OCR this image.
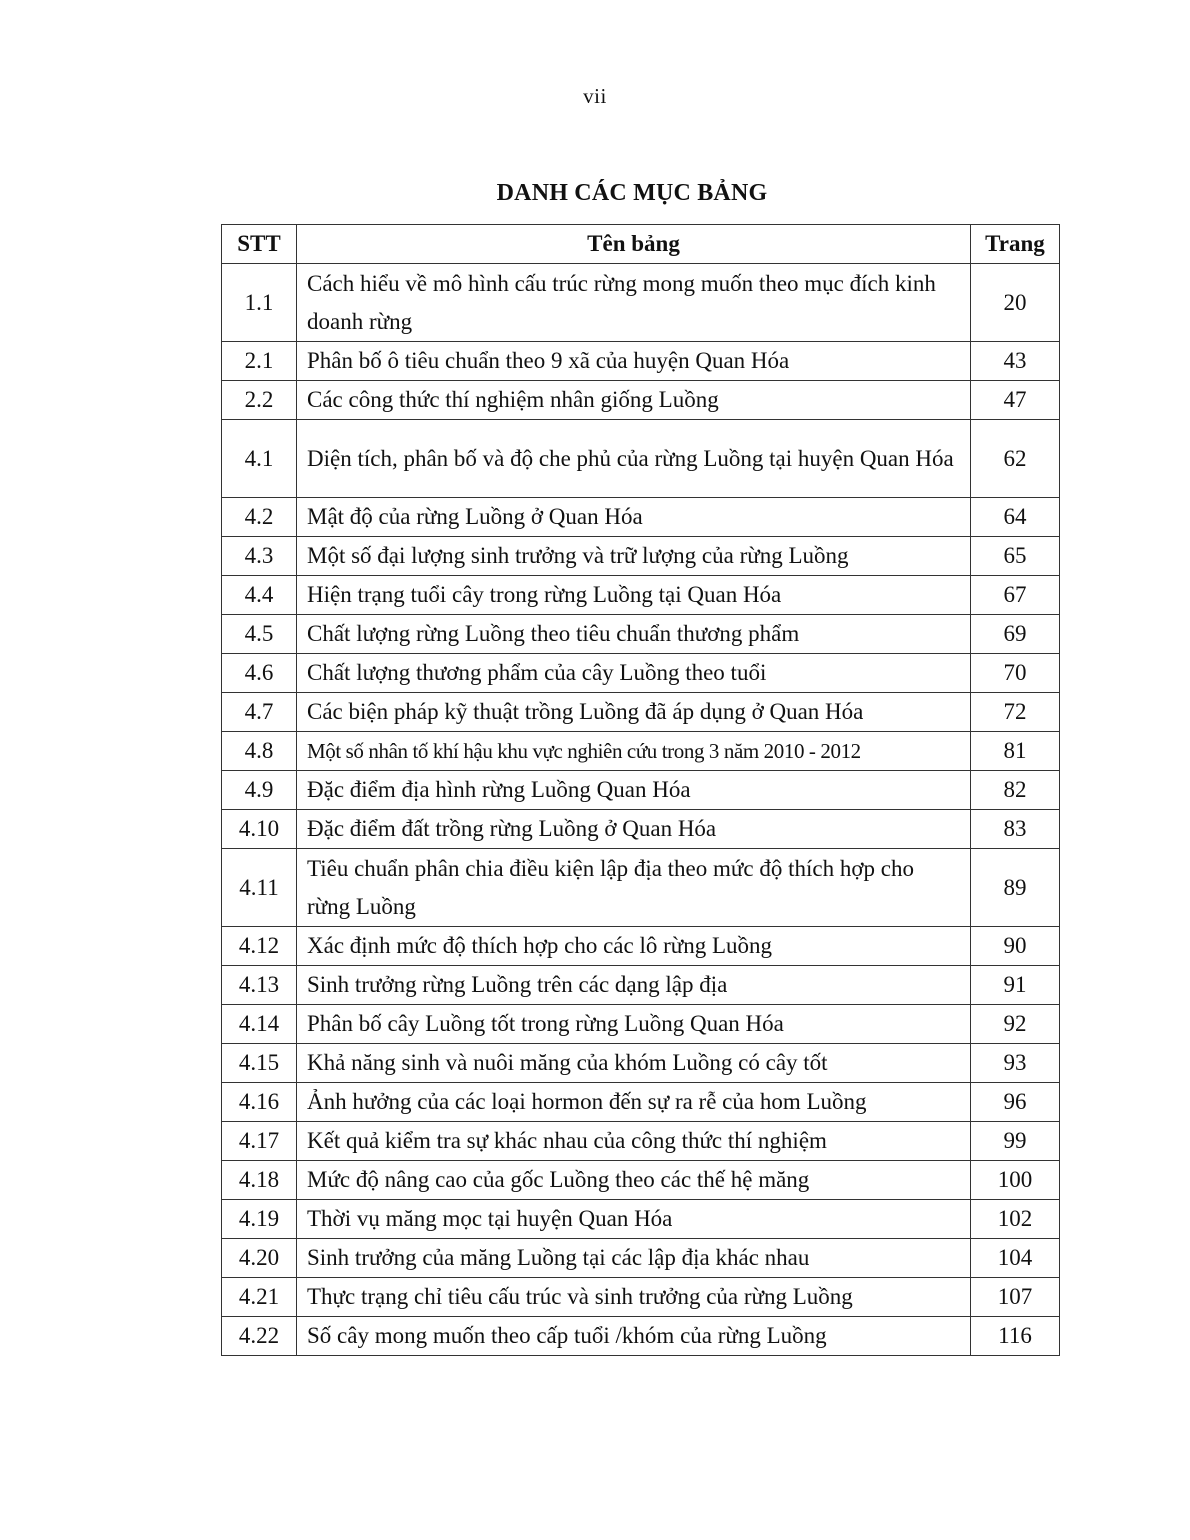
vii
DANH CÁC MỤC BẢNG
STT	Tên bảng	Trang
1.1	Cách hiểu về mô hình cấu trúc rừng mong muốn theo mục đích kinh doanh rừng	20
2.1	Phân bố ô tiêu chuẩn theo 9 xã của huyện Quan Hóa	43
2.2	Các công thức thí nghiệm nhân giống Luồng	47
4.1	Diện tích, phân bố và độ che phủ của rừng Luồng tại huyện Quan Hóa	62
4.2	Mật độ của rừng Luồng ở Quan Hóa	64
4.3	Một số đại lượng sinh trưởng và trữ lượng của rừng Luồng	65
4.4	Hiện trạng tuổi cây trong rừng Luồng tại Quan Hóa	67
4.5	Chất lượng rừng Luồng theo tiêu chuẩn thương phẩm	69
4.6	Chất lượng thương phẩm của cây Luồng theo tuổi	70
4.7	Các biện pháp kỹ thuật trồng Luồng đã áp dụng ở Quan Hóa	72
4.8	Một số nhân tố khí hậu khu vực nghiên cứu trong 3 năm 2010 - 2012	81
4.9	Đặc điểm địa hình rừng Luồng Quan Hóa	82
4.10	Đặc điểm đất trồng rừng Luồng ở Quan Hóa	83
4.11	Tiêu chuẩn phân chia điều kiện lập địa theo mức độ thích hợp cho rừng Luồng	89
4.12	Xác định mức độ thích hợp cho các lô rừng Luồng	90
4.13	Sinh trưởng rừng Luồng trên các dạng lập địa	91
4.14	Phân bố cây Luồng tốt trong rừng Luồng Quan Hóa	92
4.15	Khả năng sinh và nuôi măng của khóm Luồng có cây tốt	93
4.16	Ảnh hưởng của các loại hormon đến sự ra rễ của hom Luồng	96
4.17	Kết quả kiểm tra sự khác nhau của công thức thí nghiệm	99
4.18	Mức độ nâng cao của gốc Luồng theo các thế hệ măng	100
4.19	Thời vụ măng mọc tại huyện Quan Hóa	102
4.20	Sinh trưởng của măng Luồng tại các lập địa khác nhau	104
4.21	Thực trạng chỉ tiêu cấu trúc và sinh trưởng của rừng Luồng	107
4.22	Số cây mong muốn theo cấp tuổi /khóm của rừng Luồng	116
